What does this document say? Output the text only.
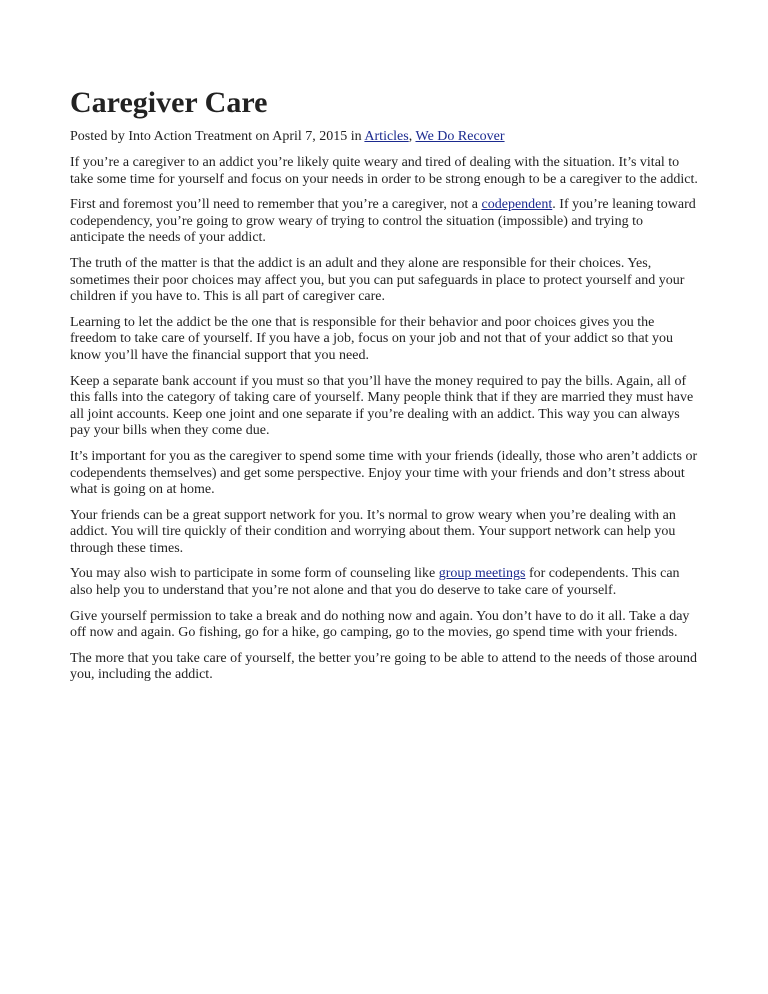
Caregiver Care
Posted by Into Action Treatment on April 7, 2015 in Articles, We Do Recover

If you’re a caregiver to an addict you’re likely quite weary and tired of dealing with the situation. It’s vital to take some time for yourself and focus on your needs in order to be strong enough to be a caregiver to the addict.

First and foremost you’ll need to remember that you’re a caregiver, not a codependent. If you’re leaning toward codependency, you’re going to grow weary of trying to control the situation (impossible) and trying to anticipate the needs of your addict.

The truth of the matter is that the addict is an adult and they alone are responsible for their choices. Yes, sometimes their poor choices may affect you, but you can put safeguards in place to protect yourself and your children if you have to. This is all part of caregiver care.

Learning to let the addict be the one that is responsible for their behavior and poor choices gives you the freedom to take care of yourself. If you have a job, focus on your job and not that of your addict so that you know you’ll have the financial support that you need.

Keep a separate bank account if you must so that you’ll have the money required to pay the bills. Again, all of this falls into the category of taking care of yourself. Many people think that if they are married they must have all joint accounts. Keep one joint and one separate if you’re dealing with an addict. This way you can always pay your bills when they come due.

It’s important for you as the caregiver to spend some time with your friends (ideally, those who aren’t addicts or codependents themselves) and get some perspective. Enjoy your time with your friends and don’t stress about what is going on at home.

Your friends can be a great support network for you. It’s normal to grow weary when you’re dealing with an addict. You will tire quickly of their condition and worrying about them. Your support network can help you through these times.

You may also wish to participate in some form of counseling like group meetings for codependents. This can also help you to understand that you’re not alone and that you do deserve to take care of yourself.

Give yourself permission to take a break and do nothing now and again. You don’t have to do it all. Take a day off now and again. Go fishing, go for a hike, go camping, go to the movies, go spend time with your friends.

The more that you take care of yourself, the better you’re going to be able to attend to the needs of those around you, including the addict.
